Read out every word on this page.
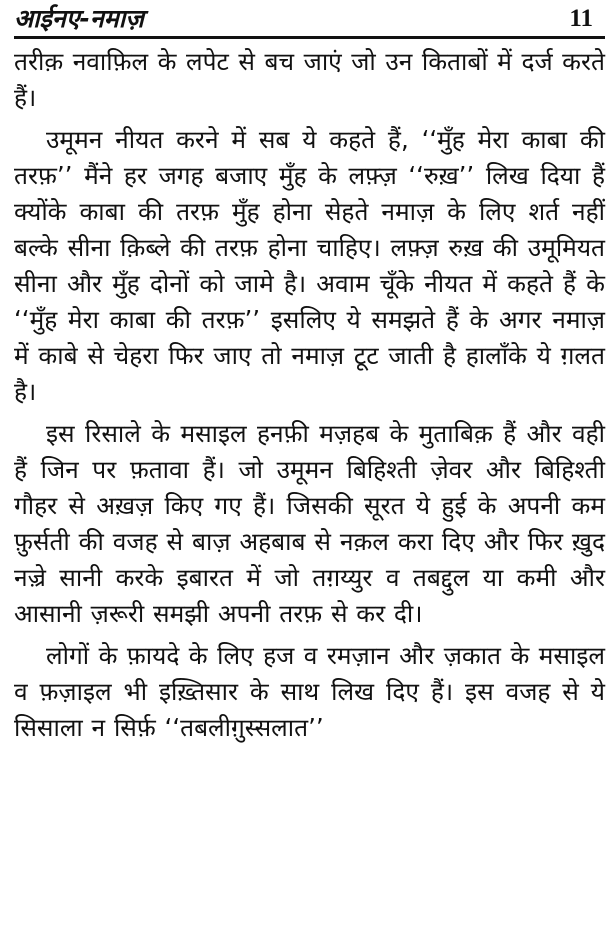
आईनए-नमाज़	11

तरीक़ नवाफ़िल के लपेट से बच जाएं जो उन किताबों में दर्ज करते हैं।

उमूमन नीयत करने में सब ये कहते हैं, ‘‘मुँह मेरा काबा की तरफ़’’ मैंने हर जगह बजाए मुँह के लफ़्ज़ ‘‘रुख़’’ लिख दिया हैं क्योंके काबा की तरफ़ मुँह होना सेहते नमाज़ के लिए शर्त नहीं बल्के सीना क़िब्ले की तरफ़ होना चाहिए। लफ़्ज़ रुख़ की उमूमियत सीना और मुँह दोनों को जामे है। अवाम चूँके नीयत में कहते हैं के ‘‘मुँह मेरा काबा की तरफ़’’ इसलिए ये समझते हैं के अगर नमाज़ में काबे से चेहरा फिर जाए तो नमाज़ टूट जाती है हालाँके ये ग़लत है।

इस रिसाले के मसाइल हनफ़ी मज़हब के मुताबिक़ हैं और वही हैं जिन पर फ़तावा हैं। जो उमूमन बिहिश्ती ज़ेवर और बिहिश्ती गौहर से अख़ज़ किए गए हैं। जिसकी सूरत ये हुई के अपनी कम फ़ुर्सती की वजह से बाज़ अहबाब से नक़ल करा दिए और फिर ख़ुद नज़्रे सानी करके इबारत में जो तग़य्युर व तबद्दुल या कमी और आसानी ज़रूरी समझी अपनी तरफ़ से कर दी।

लोगों के फ़ायदे के लिए हज व रमज़ान और ज़कात के मसाइल व फ़ज़ाइल भी इख़्तिसार के साथ लिख दिए हैं। इस वजह से ये सिसाला न सिर्फ़ ‘‘तबलीग़ुस्सलात’’
